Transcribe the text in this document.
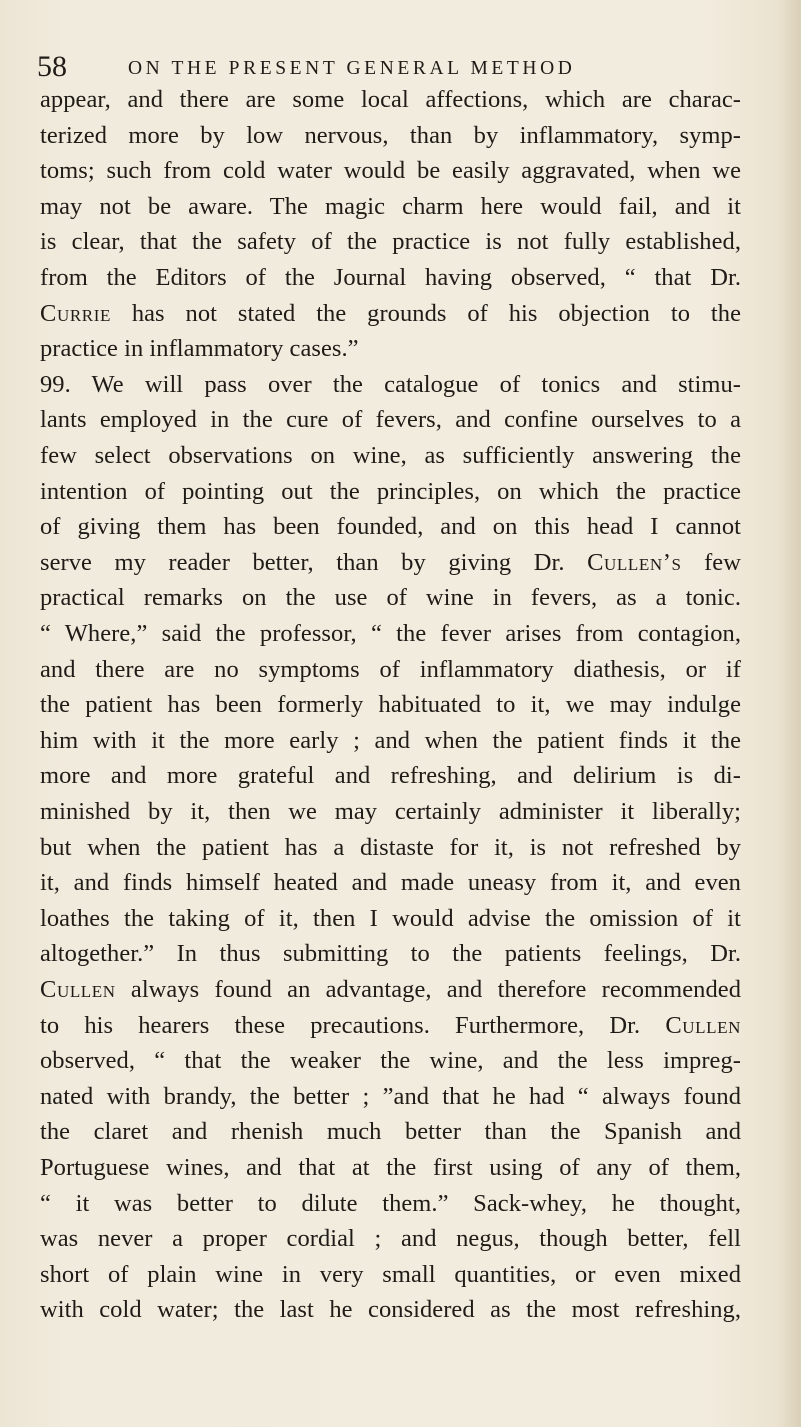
58	ON THE PRESENT GENERAL METHOD
appear, and there are some local affections, which are charac-
terized more by low nervous, than by inflammatory, symp-
toms; such from cold water would be easily aggravated, when we
may not be aware. The magic charm here would fail, and it
is clear, that the safety of the practice is not fully established,
from the Editors of the Journal having observed, “ that Dr.
Currie has not stated the grounds of his objection to the
practice in inflammatory cases.”
99. We will pass over the catalogue of tonics and stimu-
lants employed in the cure of fevers, and confine ourselves to a
few select observations on wine, as sufficiently answering the
intention of pointing out the principles, on which the practice
of giving them has been founded, and on this head I cannot
serve my reader better, than by giving Dr. Cullen’s few
practical remarks on the use of wine in fevers, as a tonic.
“ Where,” said the professor, “ the fever arises from contagion,
and there are no symptoms of inflammatory diathesis, or if
the patient has been formerly habituated to it, we may indulge
him with it the more early ; and when the patient finds it the
more and more grateful and refreshing, and delirium is di-
minished by it, then we may certainly administer it liberally;
but when the patient has a distaste for it, is not refreshed by
it, and finds himself heated and made uneasy from it, and even
loathes the taking of it, then I would advise the omission of it
altogether.” In thus submitting to the patients feelings, Dr.
Cullen always found an advantage, and therefore recommended
to his hearers these precautions. Furthermore, Dr. Cullen
observed, “ that the weaker the wine, and the less impreg-
nated with brandy, the better ; ”and that he had “ always found
the claret and rhenish much better than the Spanish and
Portuguese wines, and that at the first using of any of them,
“ it was better to dilute them.” Sack-whey, he thought,
was never a proper cordial ; and negus, though better, fell
short of plain wine in very small quantities, or even mixed
with cold water; the last he considered as the most refreshing,
